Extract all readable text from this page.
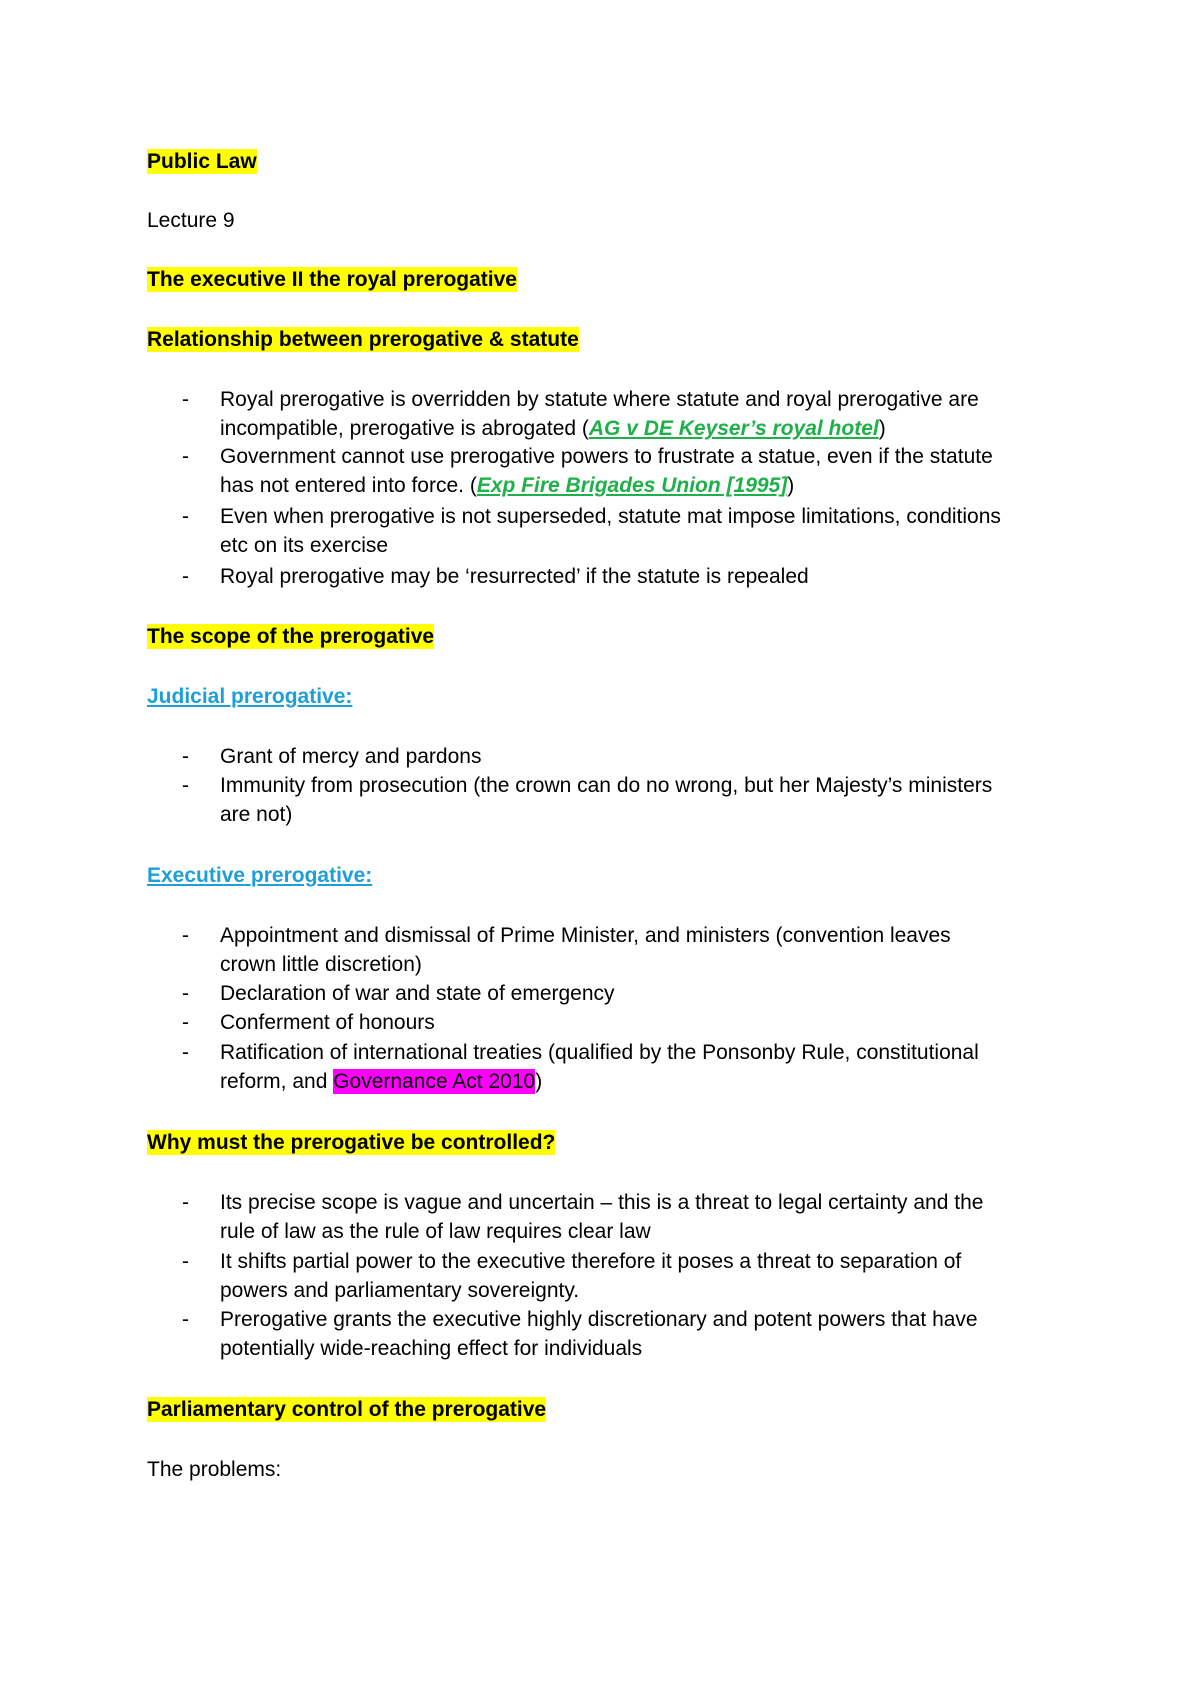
Public Law
Lecture 9
The executive II the royal prerogative
Relationship between prerogative & statute
- Royal prerogative is overridden by statute where statute and royal prerogative are
incompatible, prerogative is abrogated (AG v DE Keyser’s royal hotel)
- Government cannot use prerogative powers to frustrate a statue, even if the statute
has not entered into force. (Exp Fire Brigades Union [1995])
- Even when prerogative is not superseded, statute mat impose limitations, conditions
etc on its exercise
- Royal prerogative may be ‘resurrected’ if the statute is repealed
The scope of the prerogative
Judicial prerogative:
- Grant of mercy and pardons
- Immunity from prosecution (the crown can do no wrong, but her Majesty’s ministers
are not)
Executive prerogative:
- Appointment and dismissal of Prime Minister, and ministers (convention leaves
crown little discretion)
- Declaration of war and state of emergency
- Conferment of honours
- Ratification of international treaties (qualified by the Ponsonby Rule, constitutional
reform, and Governance Act 2010)
Why must the prerogative be controlled?
- Its precise scope is vague and uncertain – this is a threat to legal certainty and the
rule of law as the rule of law requires clear law
- It shifts partial power to the executive therefore it poses a threat to separation of
powers and parliamentary sovereignty.
- Prerogative grants the executive highly discretionary and potent powers that have
potentially wide-reaching effect for individuals
Parliamentary control of the prerogative
The problems:
